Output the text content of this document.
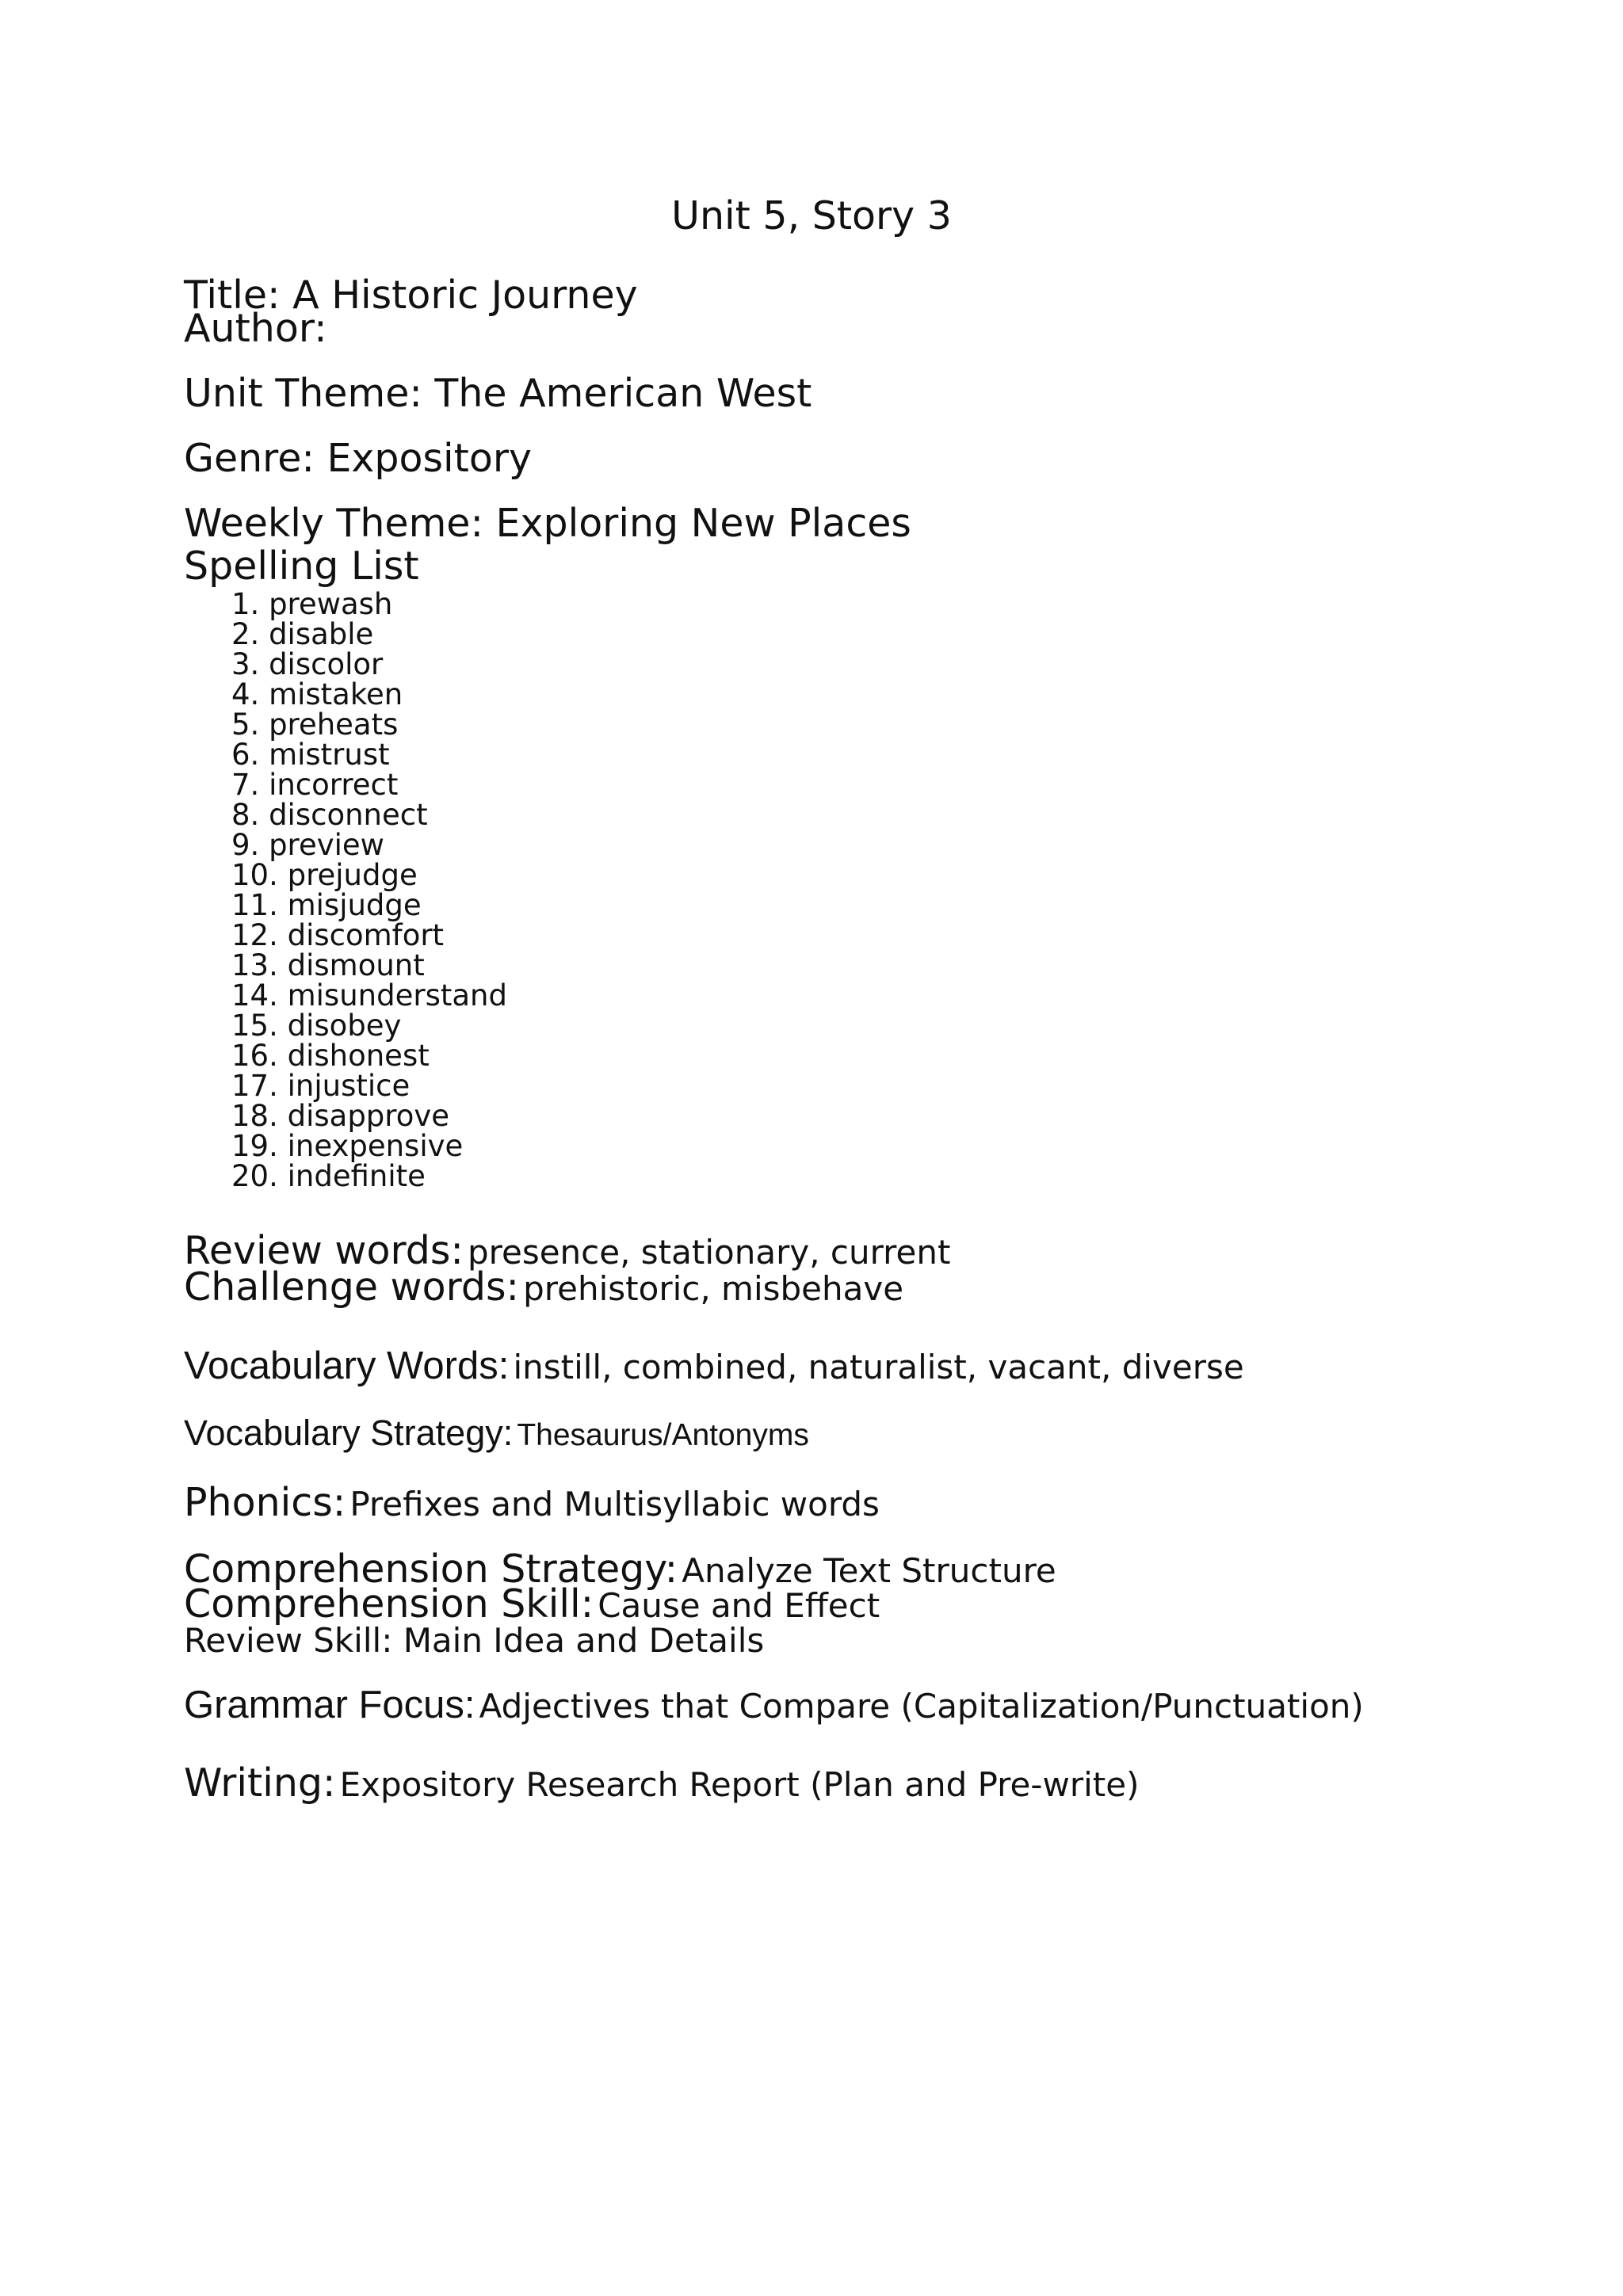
Unit 5, Story 3
Title: A Historic Journey
Author:
Unit Theme: The American West
Genre: Expository
Weekly Theme: Exploring New Places
Spelling List
1. prewash
2. disable
3. discolor
4. mistaken
5. preheats
6. mistrust
7. incorrect
8. disconnect
9. preview
10. prejudge
11. misjudge
12. discomfort
13. dismount
14. misunderstand
15. disobey
16. dishonest
17. injustice
18. disapprove
19. inexpensive
20. indefinite
Review words: presence, stationary, current
Challenge words: prehistoric, misbehave
Vocabulary Words: instill, combined, naturalist, vacant, diverse
Vocabulary Strategy: Thesaurus/Antonyms
Phonics: Prefixes and Multisyllabic words
Comprehension Strategy: Analyze Text Structure
Comprehension Skill: Cause and Effect
Review Skill: Main Idea and Details
Grammar Focus: Adjectives that Compare (Capitalization/Punctuation)
Writing: Expository Research Report (Plan and Pre-write)
